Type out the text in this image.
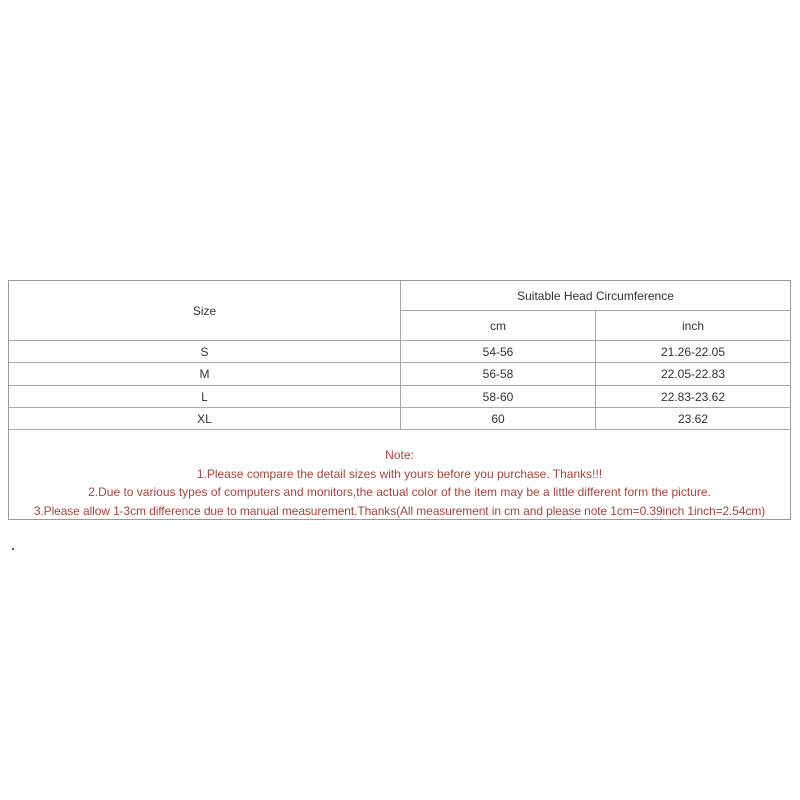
Size
Suitable Head Circumference
cm	inch
S	54-56	21.26-22.05
M	56-58	22.05-22.83
L	58-60	22.83-23.62
XL	60	23.62
Note:
1.Please compare the detail sizes with yours before you purchase. Thanks!!!
2.Due to various types of computers and monitors,the actual color of the item may be a little different form the picture.
3.Please allow 1-3cm difference due to manual measurement.Thanks(All measurement in cm and please note 1cm=0.39inch 1inch=2.54cm)
